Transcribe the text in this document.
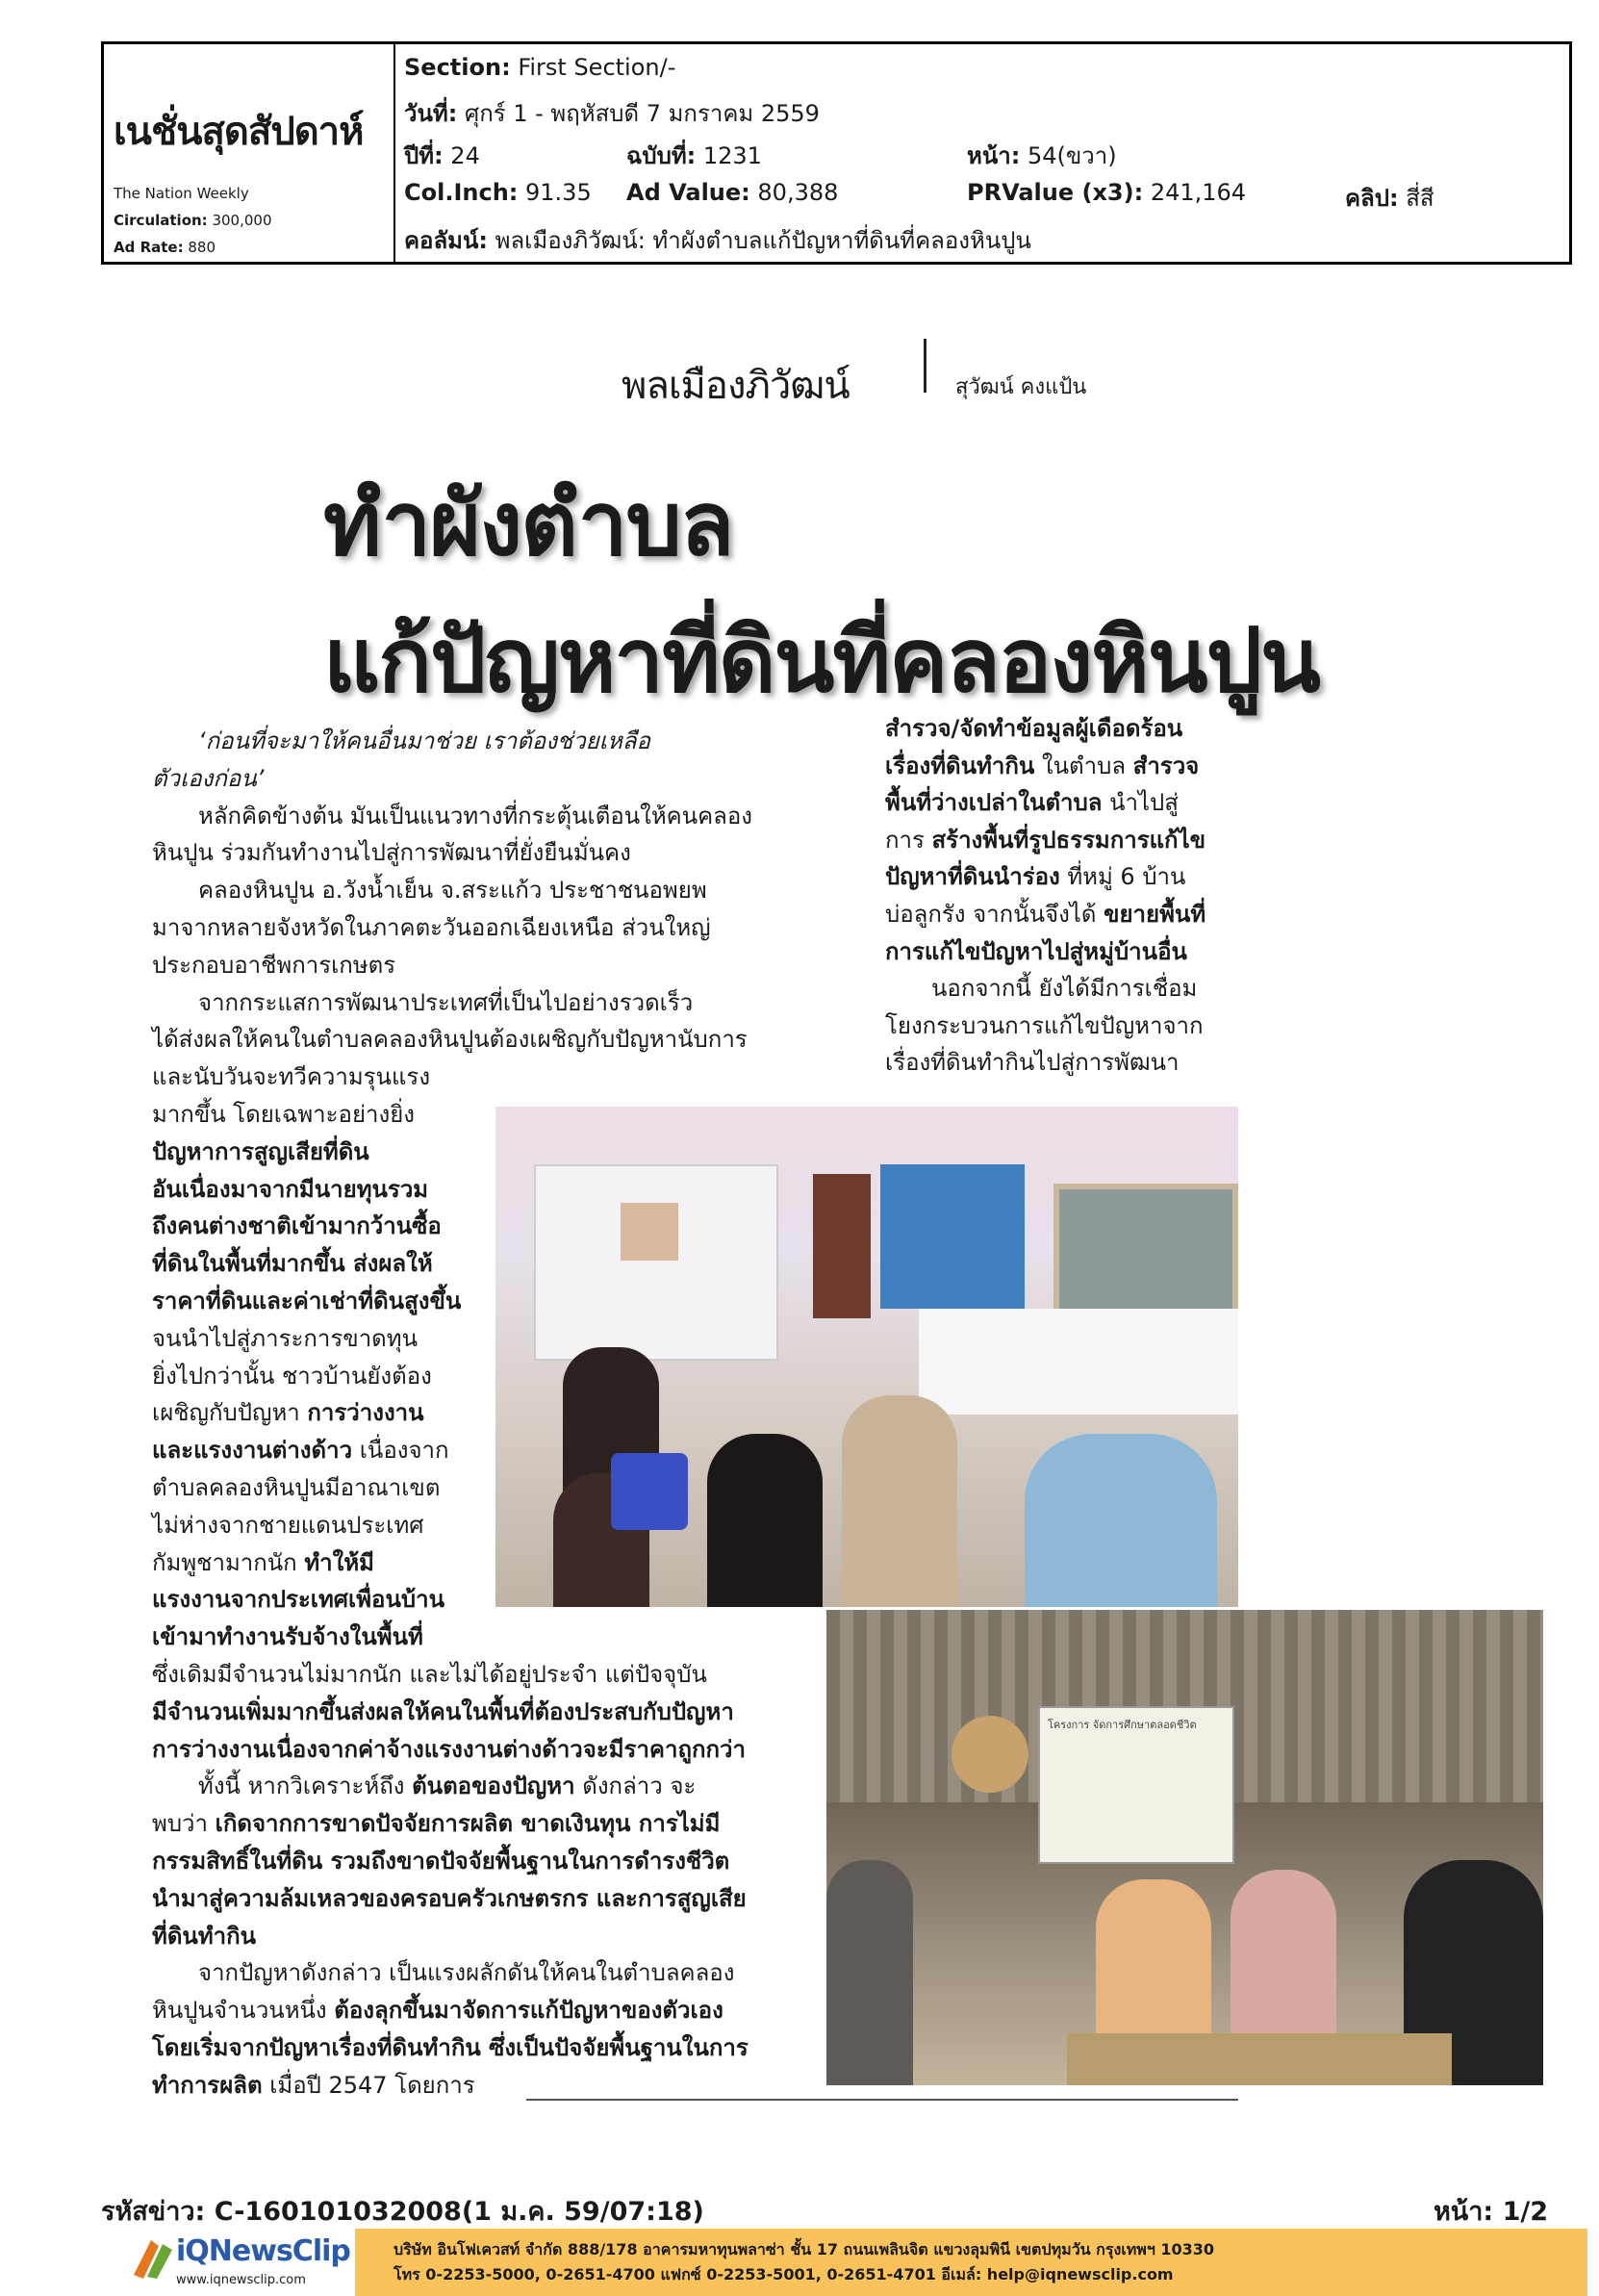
เนชั่นสุดสัปดาห์
The Nation Weekly
Circulation: 300,000
Ad Rate: 880
Section: First Section/-
วันที่: ศุกร์ 1 - พฤหัสบดี 7 มกราคม 2559
ปีที่: 24	ฉบับที่: 1231	หน้า: 54(ขวา)
Col.Inch: 91.35 Ad Value: 80,388	PRValue (x3): 241,164	คลิป: สี่สี
คอลัมน์: พลเมืองภิวัฒน์: ทำผังตำบลแก้ปัญหาที่ดินที่คลองหินปูน
พลเมืองภิวัฒน์	สุวัฒน์ คงแป้น
ทำผังตำบล
แก้ปัญหาที่ดินที่คลองหินปูน
‘ก่อนที่จะมาให้คนอื่นมาช่วย เราต้องช่วยเหลือ
ตัวเองก่อน’
หลักคิดข้างต้น มันเป็นแนวทางที่กระตุ้นเตือนให้คนคลอง
หินปูน ร่วมกันทำงานไปสู่การพัฒนาที่ยั่งยืนมั่นคง
คลองหินปูน อ.วังน้ำเย็น จ.สระแก้ว ประชาชนอพยพ
มาจากหลายจังหวัดในภาคตะวันออกเฉียงเหนือ ส่วนใหญ่
ประกอบอาชีพการเกษตร
จากกระแสการพัฒนาประเทศที่เป็นไปอย่างรวดเร็ว
ได้ส่งผลให้คนในตำบลคลองหินปูนต้องเผชิญกับปัญหานับการ
และนับวันจะทวีความรุนแรง
มากขึ้น โดยเฉพาะอย่างยิ่ง
ปัญหาการสูญเสียที่ดิน
อันเนื่องมาจากมีนายทุนรวม
ถึงคนต่างชาติเข้ามากว้านซื้อ
ที่ดินในพื้นที่มากขึ้น ส่งผลให้
ราคาที่ดินและค่าเช่าที่ดินสูงขึ้น
จนนำไปสู่ภาระการขาดทุน
ยิ่งไปกว่านั้น ชาวบ้านยังต้อง
เผชิญกับปัญหา การว่างงาน
และแรงงานต่างด้าว เนื่องจาก
ตำบลคลองหินปูนมีอาณาเขต
ไม่ห่างจากชายแดนประเทศ
กัมพูชามากนัก ทำให้มี
แรงงานจากประเทศเพื่อนบ้าน
เข้ามาทำงานรับจ้างในพื้นที่
ซึ่งเดิมมีจำนวนไม่มากนัก และไม่ได้อยู่ประจำ แต่ปัจจุบัน
มีจำนวนเพิ่มมากขึ้นส่งผลให้คนในพื้นที่ต้องประสบกับปัญหา
การว่างงานเนื่องจากค่าจ้างแรงงานต่างด้าวจะมีราคาถูกกว่า
ทั้งนี้ หากวิเคราะห์ถึง ต้นตอของปัญหา ดังกล่าว จะ
พบว่า เกิดจากการขาดปัจจัยการผลิต ขาดเงินทุน การไม่มี
กรรมสิทธิ์ในที่ดิน รวมถึงขาดปัจจัยพื้นฐานในการดำรงชีวิต
นำมาสู่ความล้มเหลวของครอบครัวเกษตรกร และการสูญเสีย
ที่ดินทำกิน
จากปัญหาดังกล่าว เป็นแรงผลักดันให้คนในตำบลคลอง
หินปูนจำนวนหนึ่ง ต้องลุกขึ้นมาจัดการแก้ปัญหาของตัวเอง
โดยเริ่มจากปัญหาเรื่องที่ดินทำกิน ซึ่งเป็นปัจจัยพื้นฐานในการ
ทำการผลิต เมื่อปี 2547 โดยการ
สำรวจ/จัดทำข้อมูลผู้เดือดร้อน
เรื่องที่ดินทำกิน ในตำบล สำรวจ
พื้นที่ว่างเปล่าในตำบล นำไปสู่
การ สร้างพื้นที่รูปธรรมการแก้ไข
ปัญหาที่ดินนำร่อง ที่หมู่ 6 บ้าน
บ่อลูกรัง จากนั้นจึงได้ ขยายพื้นที่
การแก้ไขปัญหาไปสู่หมู่บ้านอื่น
นอกจากนี้ ยังได้มีการเชื่อม
โยงกระบวนการแก้ไขปัญหาจาก
เรื่องที่ดินทำกินไปสู่การพัฒนา
โครงการ จัดการศึกษาตลอดชีวิต
รหัสข่าว: C-160101032008(1 ม.ค. 59/07:18)	หน้า: 1/2
iQNewsClip
www.iqnewsclip.com
บริษัท อินโฟเควสท์ จำกัด 888/178 อาคารมหาทุนพลาซ่า ชั้น 17 ถนนเพลินจิต แขวงลุมพินี เขตปทุมวัน กรุงเทพฯ 10330
โทร 0-2253-5000, 0-2651-4700 แฟกซ์ 0-2253-5001, 0-2651-4701 อีเมล์: help@iqnewsclip.com
